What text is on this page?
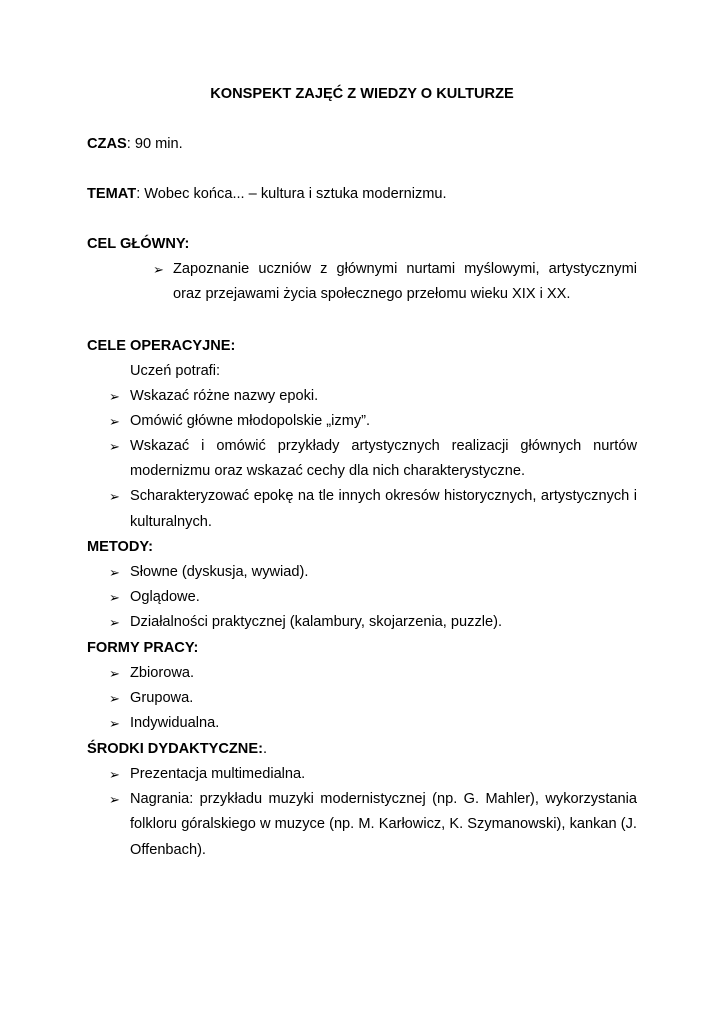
KONSPEKT ZAJĘĆ Z WIEDZY O KULTURZE
CZAS: 90 min.
TEMAT: Wobec końca... – kultura i sztuka modernizmu.
CEL GŁÓWNY:
➢ Zapoznanie uczniów z głównymi nurtami myślowymi, artystycznymi
oraz przejawami życia społecznego przełomu wieku XIX i XX.
CELE OPERACYJNE:
Uczeń potrafi:
➢ Wskazać różne nazwy epoki.
➢ Omówić główne młodopolskie „izmy”.
➢ Wskazać i omówić przykłady artystycznych realizacji głównych nurtów
modernizmu oraz wskazać cechy dla nich charakterystyczne.
➢ Scharakteryzować epokę na tle innych okresów historycznych, artystycznych i
kulturalnych.
METODY:
➢ Słowne (dyskusja, wywiad).
➢ Oglądowe.
➢ Działalności praktycznej (kalambury, skojarzenia, puzzle).
FORMY PRACY:
➢ Zbiorowa.
➢ Grupowa.
➢ Indywidualna.
ŚRODKI DYDAKTYCZNE:.
➢ Prezentacja multimedialna.
➢ Nagrania: przykładu muzyki modernistycznej (np. G. Mahler), wykorzystania
folkloru góralskiego w muzyce (np. M. Karłowicz, K. Szymanowski), kankan (J.
Offenbach).
